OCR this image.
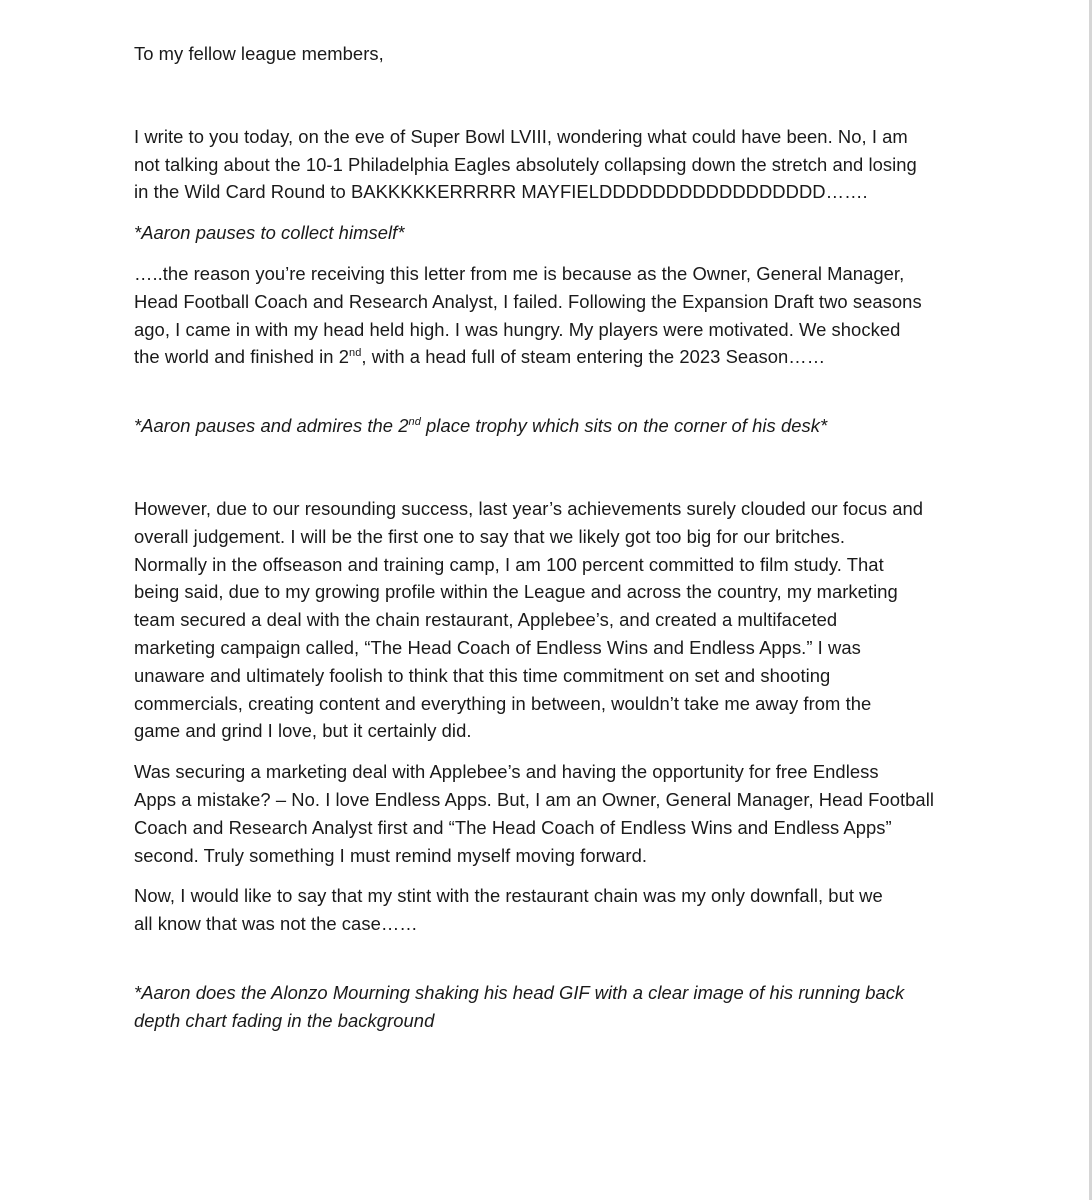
To my fellow league members,

I write to you today, on the eve of Super Bowl LVIII, wondering what could have been. No, I am
not talking about the 10-1 Philadelphia Eagles absolutely collapsing down the stretch and losing
in the Wild Card Round to BAKKKKKERRRRR MAYFIELDDDDDDDDDDDDDDDDD…….

*Aaron pauses to collect himself*

…..the reason you’re receiving this letter from me is because as the Owner, General Manager,
Head Football Coach and Research Analyst, I failed. Following the Expansion Draft two seasons
ago, I came in with my head held high. I was hungry. My players were motivated. We shocked
the world and finished in 2nd, with a head full of steam entering the 2023 Season……

*Aaron pauses and admires the 2nd place trophy which sits on the corner of his desk*

However, due to our resounding success, last year’s achievements surely clouded our focus and
overall judgement. I will be the first one to say that we likely got too big for our britches.
Normally in the offseason and training camp, I am 100 percent committed to film study. That
being said, due to my growing profile within the League and across the country, my marketing
team secured a deal with the chain restaurant, Applebee’s, and created a multifaceted
marketing campaign called, “The Head Coach of Endless Wins and Endless Apps.” I was
unaware and ultimately foolish to think that this time commitment on set and shooting
commercials, creating content and everything in between, wouldn’t take me away from the
game and grind I love, but it certainly did.

Was securing a marketing deal with Applebee’s and having the opportunity for free Endless
Apps a mistake? – No. I love Endless Apps. But, I am an Owner, General Manager, Head Football
Coach and Research Analyst first and “The Head Coach of Endless Wins and Endless Apps”
second. Truly something I must remind myself moving forward.

Now, I would like to say that my stint with the restaurant chain was my only downfall, but we
all know that was not the case……

*Aaron does the Alonzo Mourning shaking his head GIF with a clear image of his running back
depth chart fading in the background
